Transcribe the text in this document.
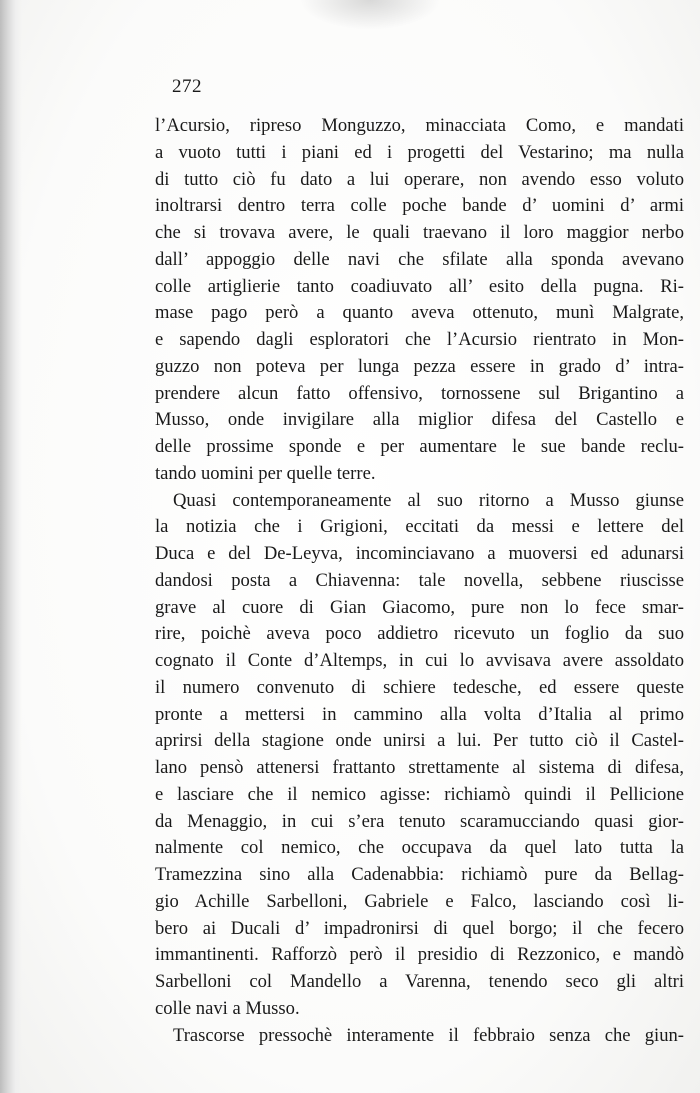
272
l’Acursio, ripreso Monguzzo, minacciata Como, e mandati
a vuoto tutti i piani ed i progetti del Vestarino; ma nulla
di tutto ciò fu dato a lui operare, non avendo esso voluto
inoltrarsi dentro terra colle poche bande d’ uomini d’ armi
che si trovava avere, le quali traevano il loro maggior nerbo
dall’ appoggio delle navi che sfilate alla sponda avevano
colle artiglierie tanto coadiuvato all’ esito della pugna. Ri-
mase pago però a quanto aveva ottenuto, munì Malgrate,
e sapendo dagli esploratori che l’Acursio rientrato in Mon-
guzzo non poteva per lunga pezza essere in grado d’ intra-
prendere alcun fatto offensivo, tornossene sul Brigantino a
Musso, onde invigilare alla miglior difesa del Castello e
delle prossime sponde e per aumentare le sue bande reclu-
tando uomini per quelle terre.
Quasi contemporaneamente al suo ritorno a Musso giunse
la notizia che i Grigioni, eccitati da messi e lettere del
Duca e del De-Leyva, incominciavano a muoversi ed adunarsi
dandosi posta a Chiavenna: tale novella, sebbene riuscisse
grave al cuore di Gian Giacomo, pure non lo fece smar-
rire, poichè aveva poco addietro ricevuto un foglio da suo
cognato il Conte d’Altemps, in cui lo avvisava avere assoldato
il numero convenuto di schiere tedesche, ed essere queste
pronte a mettersi in cammino alla volta d’Italia al primo
aprirsi della stagione onde unirsi a lui. Per tutto ciò il Castel-
lano pensò attenersi frattanto strettamente al sistema di difesa,
e lasciare che il nemico agisse: richiamò quindi il Pellicione
da Menaggio, in cui s’era tenuto scaramucciando quasi gior-
nalmente col nemico, che occupava da quel lato tutta la
Tramezzina sino alla Cadenabbia: richiamò pure da Bellag-
gio Achille Sarbelloni, Gabriele e Falco, lasciando così li-
bero ai Ducali d’ impadronirsi di quel borgo; il che fecero
immantinenti. Rafforzò però il presidio di Rezzonico, e mandò
Sarbelloni col Mandello a Varenna, tenendo seco gli altri
colle navi a Musso.
Trascorse pressochè interamente il febbraio senza che giun-
